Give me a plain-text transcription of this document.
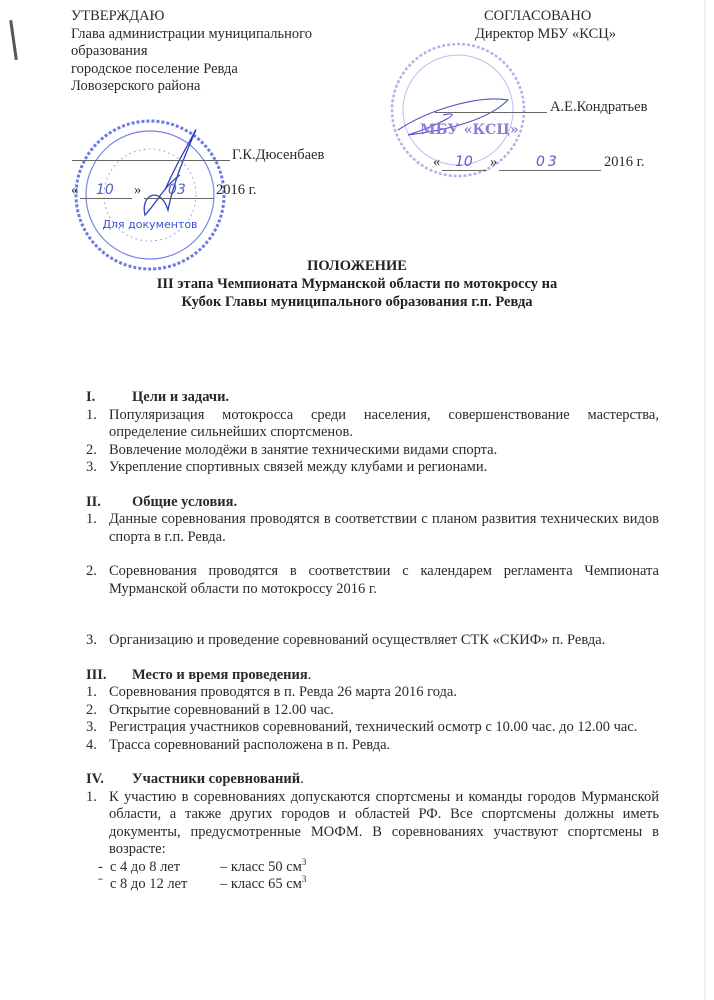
Для документов
МБУ «КСЦ»
УТВЕРЖДАЮ
Глава администрации муниципального
образования
городское поселение Ревда
Ловозерского района
Г.К.Дюсенбаев
« 10 » 03 2016 г.
СОГЛАСОВАНО
Директор МБУ «КСЦ»
А.Е.Кондратьев
« 10 »	03	2016 г.
ПОЛОЖЕНИЕ
III этапа Чемпионата Мурманской области по мотокроссу на
Кубок Главы муниципального образования г.п. Ревда
I.	Цели и задачи.
1. Популяризация мотокросса среди населения, совершенствование мастерства, определение сильнейших спортсменов.
2. Вовлечение молодёжи в занятие техническими видами спорта.
3. Укрепление спортивных связей между клубами и регионами.
II.	Общие условия.
1. Данные соревнования проводятся в соответствии с планом развития технических видов спорта в г.п. Ревда.
2. Соревнования проводятся в соответствии с календарем регламента Чемпионата Мурманской области по мотокроссу 2016 г.
3. Организацию и проведение соревнований осуществляет СТК «СКИФ» п. Ревда.
III.	Место и время проведения .
1. Соревнования проводятся в п. Ревда 26 марта 2016 года.
2. Открытие соревнований в 12.00 час.
3. Регистрация участников соревнований, технический осмотр с 10.00 час. до 12.00 час.
4. Трасса соревнований расположена в п. Ревда.
IV.	Участники соревнований .
1. К участию в соревнованиях допускаются спортсмены и команды городов Мурманской области, а также других городов и областей РФ. Все спортсмены должны иметь документы, предусмотренные МОФМ. В соревнованиях участвуют спортсмены в возрасте:
- с 4 до 8 лет	– класс 50 $см^3$
ˉ с 8 до 12 лет	– класс 65 $см^3$
